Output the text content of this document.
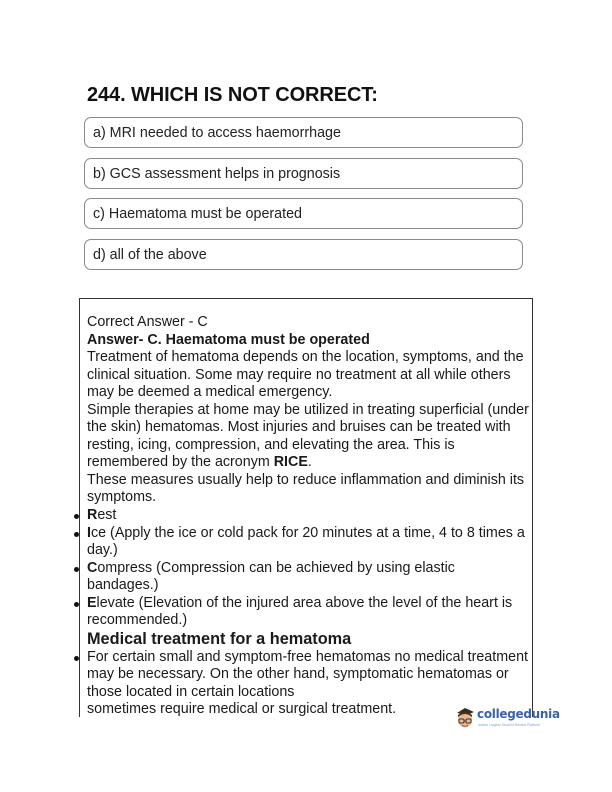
244. WHICH IS NOT CORRECT:
a) MRI needed to access haemorrhage
b) GCS assessment helps in prognosis
c) Haematoma must be operated
d) all of the above

Correct Answer - C

Answer- C. Haematoma must be operated

Treatment of hematoma depends on the location, symptoms, and the clinical situation. Some may require no treatment at all while others may be deemed a medical emergency.

Simple therapies at home may be utilized in treating superficial (under the skin) hematomas. Most injuries and bruises can be treated with resting, icing, compression, and elevating the area. This is remembered by the acronym RICE.

These measures usually help to reduce inflammation and diminish its symptoms.

Rest
Ice (Apply the ice or cold pack for 20 minutes at a time, 4 to 8 times a day.)
Compress (Compression can be achieved by using elastic bandages.)
Elevate (Elevation of the injured area above the level of the heart is recommended.)

Medical treatment for a hematoma

For certain small and symptom-free hematomas no medical treatment may be necessary. On the other hand, symptomatic hematomas or those located in certain locations

sometimes require medical or surgical treatment.	collegedunia
India's Largest Student Review Platform
